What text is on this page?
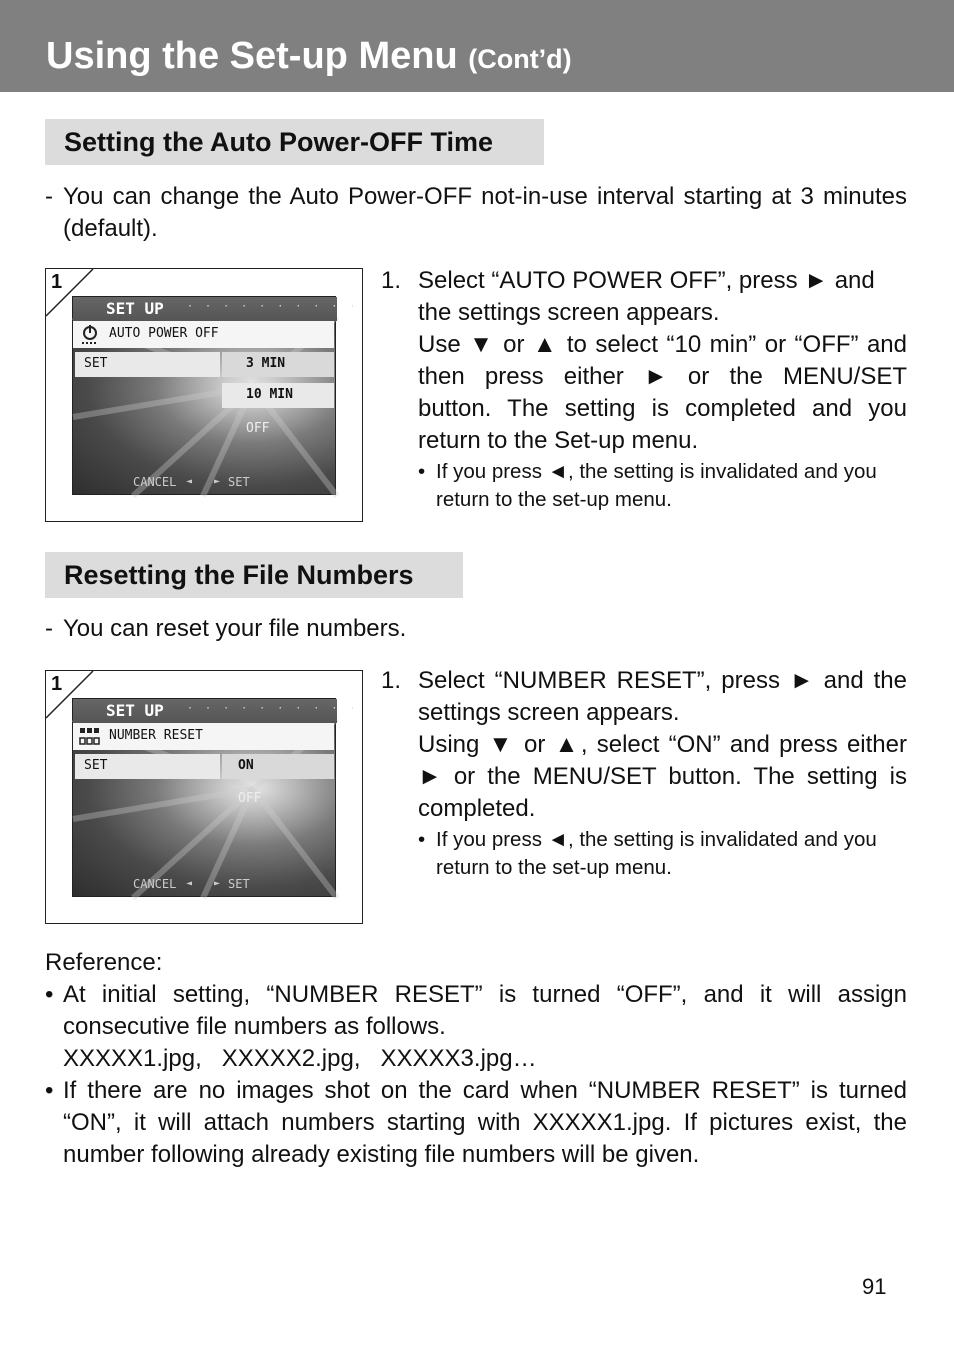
Using the Set-up Menu (Cont’d)
Setting the Auto Power-OFF Time
- You can change the Auto Power-OFF not-in-use interval starting at 3 minutes
(default).
1
SET UP · · · · · · · · · ·
AUTO POWER OFF
SET	3 MIN
10 MIN
OFF
CANCEL ◄ ► SET
1. Select “AUTO POWER OFF”, press ► and
the settings screen appears.
Use ▼ or ▲ to select “10 min” or “OFF” and
then press either ► or the MENU/SET
button. The setting is completed and you
return to the Set-up menu.
• If you press ◄, the setting is invalidated and you
return to the set-up menu.
Resetting the File Numbers
- You can reset your file numbers.
1
SET UP · · · · · · · · · ·
NUMBER RESET
SET	ON
OFF
CANCEL ◄ ► SET
1. Select “NUMBER RESET”, press ► and the
settings screen appears.
Using ▼ or ▲, select “ON” and press either
► or the MENU/SET button. The setting is
completed.
• If you press ◄, the setting is invalidated and you
return to the set-up menu.
Reference:
• At initial setting, “NUMBER RESET” is turned “OFF”, and it will assign
consecutive file numbers as follows.
XXXXX1.jpg,   XXXXX2.jpg,   XXXXX3.jpg…
• If there are no images shot on the card when “NUMBER RESET” is turned
“ON”, it will attach numbers starting with XXXXX1.jpg. If pictures exist, the
number following already existing file numbers will be given.
91
